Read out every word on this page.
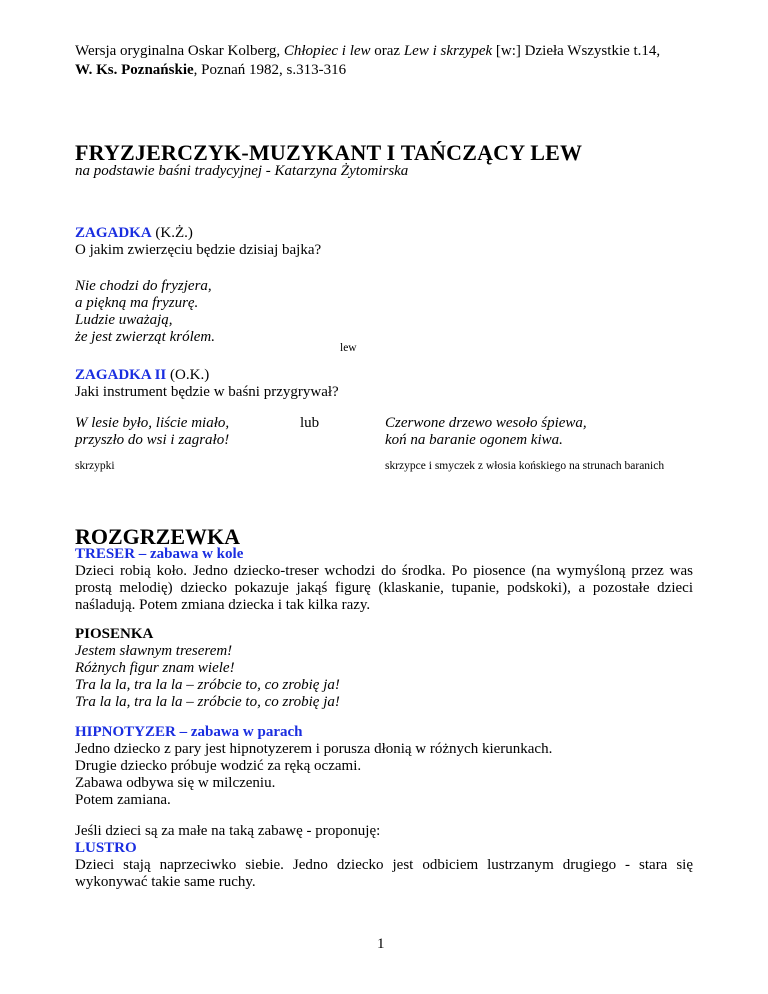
Wersja oryginalna Oskar Kolberg, Chłopiec i lew oraz Lew i skrzypek [w:] Dzieła Wszystkie t.14,
W. Ks. Poznańskie, Poznań 1982, s.313-316
FRYZJERCZYK-MUZYKANT I TAŃCZĄCY LEW
na podstawie baśni tradycyjnej - Katarzyna Żytomirska
ZAGADKA (K.Ż.)
O jakim zwierzęciu będzie dzisiaj bajka?
Nie chodzi do fryzjera,
a piękną ma fryzurę.
Ludzie uważają,
że jest zwierząt królem.
lew
ZAGADKA II (O.K.)
Jaki instrument będzie w baśni przygrywał?
W lesie było, liście miało,
przyszło do wsi i zagrało!
lub	Czerwone drzewo wesoło śpiewa,
koń na baranie ogonem kiwa.
skrzypki	skrzypce i smyczek z włosia końskiego na strunach baranich
ROZGRZEWKA
TRESER – zabawa w kole
Dzieci robią koło. Jedno dziecko-treser wchodzi do środka. Po piosence (na wymyśloną przez was prostą melodię) dziecko pokazuje jakąś figurę (klaskanie, tupanie, podskoki), a pozostałe dzieci naśladują. Potem zmiana dziecka i tak kilka razy.
PIOSENKA
Jestem sławnym treserem!
Różnych figur znam wiele!
Tra la la, tra la la – zróbcie to, co zrobię ja!
Tra la la, tra la la – zróbcie to, co zrobię ja!
HIPNOTYZER – zabawa w parach
Jedno dziecko z pary jest hipnotyzerem i porusza dłonią w różnych kierunkach.
Drugie dziecko próbuje wodzić za ręką oczami.
Zabawa odbywa się w milczeniu.
Potem zamiana.
Jeśli dzieci są za małe na taką zabawę - proponuję:
LUSTRO
Dzieci stają naprzeciwko siebie. Jedno dziecko jest odbiciem lustrzanym drugiego - stara się wykonywać takie same ruchy.
1
